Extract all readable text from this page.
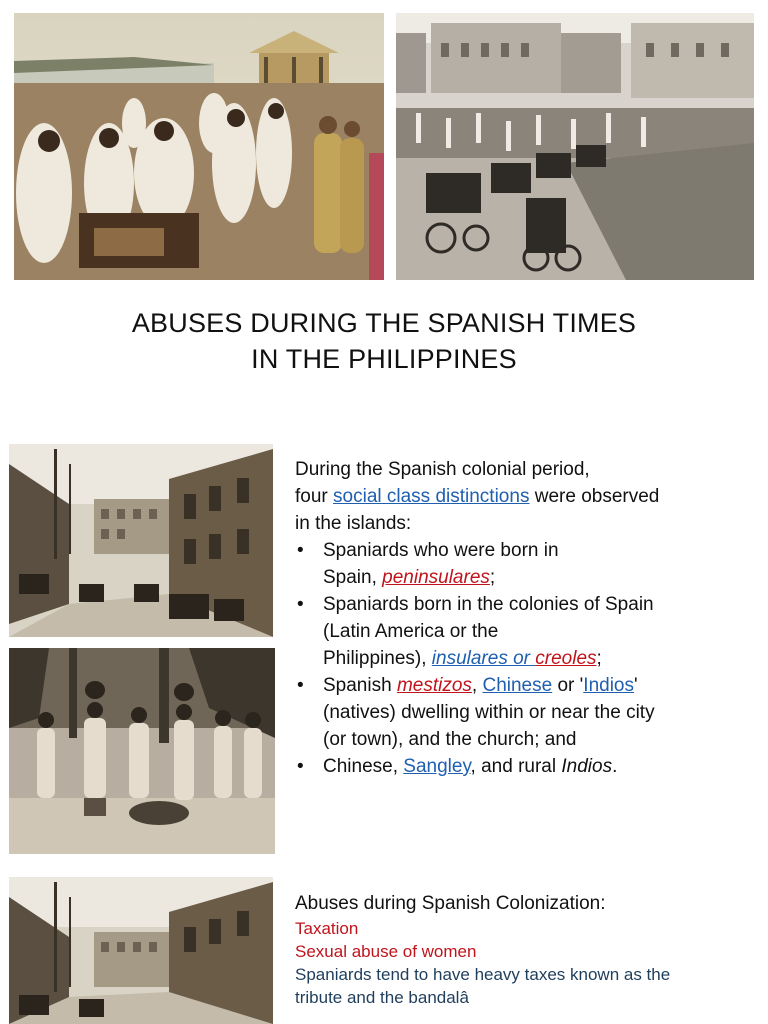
ABUSES DURING THE SPANISH TIMES
IN THE PHILIPPINES

During the Spanish colonial period,

four social class distinctions were observed

in the islands:

• Spaniards who were born in
Spain, peninsulares;
• Spaniards born in the colonies of Spain
(Latin America or the
Philippines), insulares or creoles;
• Spanish mestizos, Chinese or 'Indios'
(natives) dwelling within or near the city
(or town), and the church; and
• Chinese, Sangley, and rural Indios.
Abuses during Spanish Colonization:
Taxation
Sexual abuse of women
Spaniards tend to have heavy taxes known as the
tribute and the bandalâ
